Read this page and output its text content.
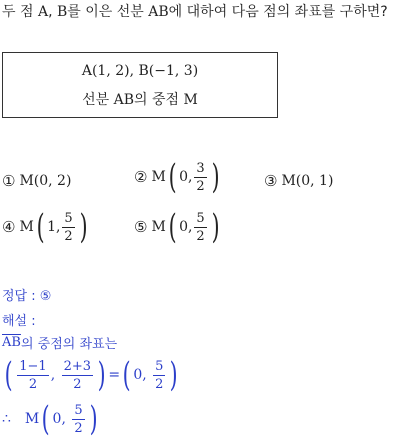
두 점 A, B를 이은 선분 AB에 대하여 다음 점의 좌표를 구하면?
A(1, 2), B(−1, 3)
선분 AB의 중점 M
① M(0, 2)	② M ( 0, $\frac{3}{2}$ )	③ M(0, 1)
④ M ( 1, $\frac{5}{2}$ )	⑤ M ( 0, $\frac{5}{2}$ )
정답 : ⑤
해설 :
$\overline{AB}$ 의 중점의 좌표는
( $\frac{1-1}{2}$ , $\frac{2+3}{2}$ ) = ( 0,
$\frac{5}{2}$ )
∴ M ( 0,
$\frac{5}{2}$ )
